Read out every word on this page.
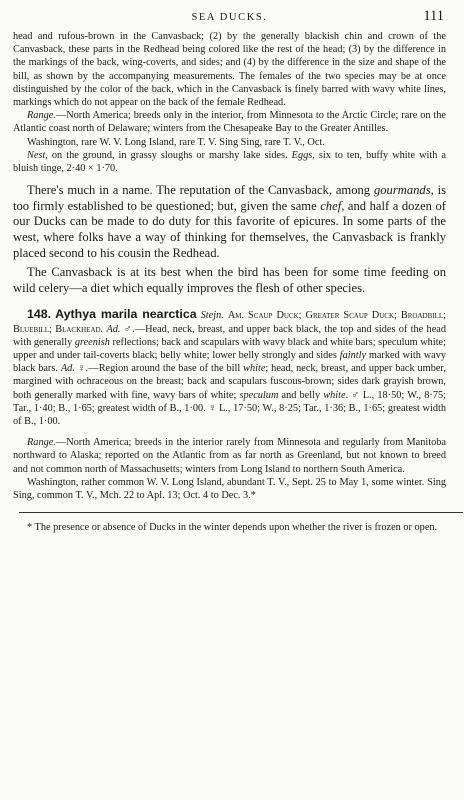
SEA DUCKS.	111

head and rufous-brown in the Canvasback; (2) by the generally blackish chin and crown of the Canvasback, these parts in the Redhead being colored like the rest of the head; (3) by the difference in the markings of the back, wing-coverts, and sides; and (4) by the difference in the size and shape of the bill, as shown by the accompanying measurements. The females of the two species may be at once distinguished by the color of the back, which in the Canvasback is finely barred with wavy white lines, markings which do not appear on the back of the female Redhead.

Range.—North America; breeds only in the interior, from Minnesota to the Arctic Circle; rare on the Atlantic coast north of Delaware; winters from the Chesapeake Bay to the Greater Antilles.

Washington, rare W. V. Long Island, rare T. V. Sing Sing, rare T. V., Oct.

Nest, on the ground, in grassy sloughs or marshy lake sides. Eggs, six to ten, buffy white with a bluish tinge, 2·40 × 1·70.

There's much in a name. The reputation of the Canvasback, among gourmands, is too firmly established to be questioned; but, given the same chef, and half a dozen of our Ducks can be made to do duty for this favorite of epicures. In some parts of the west, where folks have a way of thinking for themselves, the Canvasback is frankly placed second to his cousin the Redhead.

The Canvasback is at its best when the bird has been for some time feeding on wild celery—a diet which equally improves the flesh of other species.

148. Aythya marila nearctica Stejn. Am. Scaup Duck; Greater Scaup Duck; Broadbill; Bluebill; Blackhead. Ad. ♂.—Head, neck, breast, and upper back black, the top and sides of the head with generally greenish reflections; back and scapulars with wavy black and white bars; speculum white; upper and under tail-coverts black; belly white; lower belly strongly and sides faintly marked with wavy black bars. Ad. ♀.—Region around the base of the bill white; head, neck, breast, and upper back umber, margined with ochraceous on the breast; back and scapulars fuscous-brown; sides dark grayish brown, both generally marked with fine, wavy bars of white; speculum and belly white. ♂ L., 18·50; W., 8·75; Tar., 1·40; B., 1·65; greatest width of B., 1·00. ♀ L., 17·50; W., 8·25; Tar., 1·36; B., 1·65; greatest width of B., 1·00.

Range.—North America; breeds in the interior rarely from Minnesota and regularly from Manitoba northward to Alaska; reported on the Atlantic from as far north as Greenland, but not known to breed and not common north of Massachusetts; winters from Long Island to northern South America.

Washington, rather common W. V. Long Island, abundant T. V., Sept. 25 to May 1, some winter. Sing Sing, common T. V., Mch. 22 to Apl. 13; Oct. 4 to Dec. 3.*

* The presence or absence of Ducks in the winter depends upon whether the river is frozen or open.
